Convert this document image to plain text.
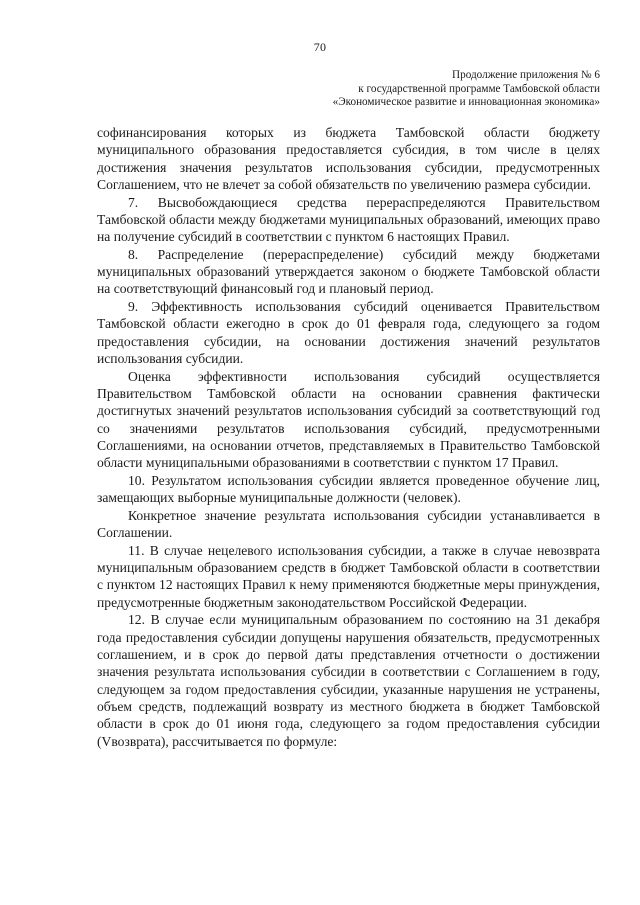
70
Продолжение приложения № 6
к государственной программе Тамбовской области
«Экономическое развитие и инновационная экономика»

софинансирования которых из бюджета Тамбовской области бюджету муниципального образования предоставляется субсидия, в том числе в целях достижения значения результатов использования субсидии, предусмотренных Соглашением, что не влечет за собой обязательств по увеличению размера субсидии.

7. Высвобождающиеся средства перераспределяются Правительством Тамбовской области между бюджетами муниципальных образований, имеющих право на получение субсидий в соответствии с пунктом 6 настоящих Правил.

8. Распределение (перераспределение) субсидий между бюджетами муниципальных образований утверждается законом о бюджете Тамбовской области на соответствующий финансовый год и плановый период.

9. Эффективность использования субсидий оценивается Правительством Тамбовской области ежегодно в срок до 01 февраля года, следующего за годом предоставления субсидии, на основании достижения значений результатов использования субсидии.

Оценка эффективности использования субсидий осуществляется Правительством Тамбовской области на основании сравнения фактически достигнутых значений результатов использования субсидий за соответствующий год со значениями результатов использования субсидий, предусмотренными Соглашениями, на основании отчетов, представляемых в Правительство Тамбовской области муниципальными образованиями в соответствии с пунктом 17 Правил.

10. Результатом использования субсидии является проведенное обучение лиц, замещающих выборные муниципальные должности (человек).

Конкретное значение результата использования субсидии устанавливается в Соглашении.

11. В случае нецелевого использования субсидии, а также в случае невозврата муниципальным образованием средств в бюджет Тамбовской области в соответствии с пунктом 12 настоящих Правил к нему применяются бюджетные меры принуждения, предусмотренные бюджетным законодательством Российской Федерации.

12. В случае если муниципальным образованием по состоянию на 31 декабря года предоставления субсидии допущены нарушения обязательств, предусмотренных соглашением, и в срок до первой даты представления отчетности о достижении значения результата использования субсидии в соответствии с Соглашением в году, следующем за годом предоставления субсидии, указанные нарушения не устранены, объем средств, подлежащий возврату из местного бюджета в бюджет Тамбовской области в срок до 01 июня года, следующего за годом предоставления субсидии (Vвозврата), рассчитывается по формуле:
